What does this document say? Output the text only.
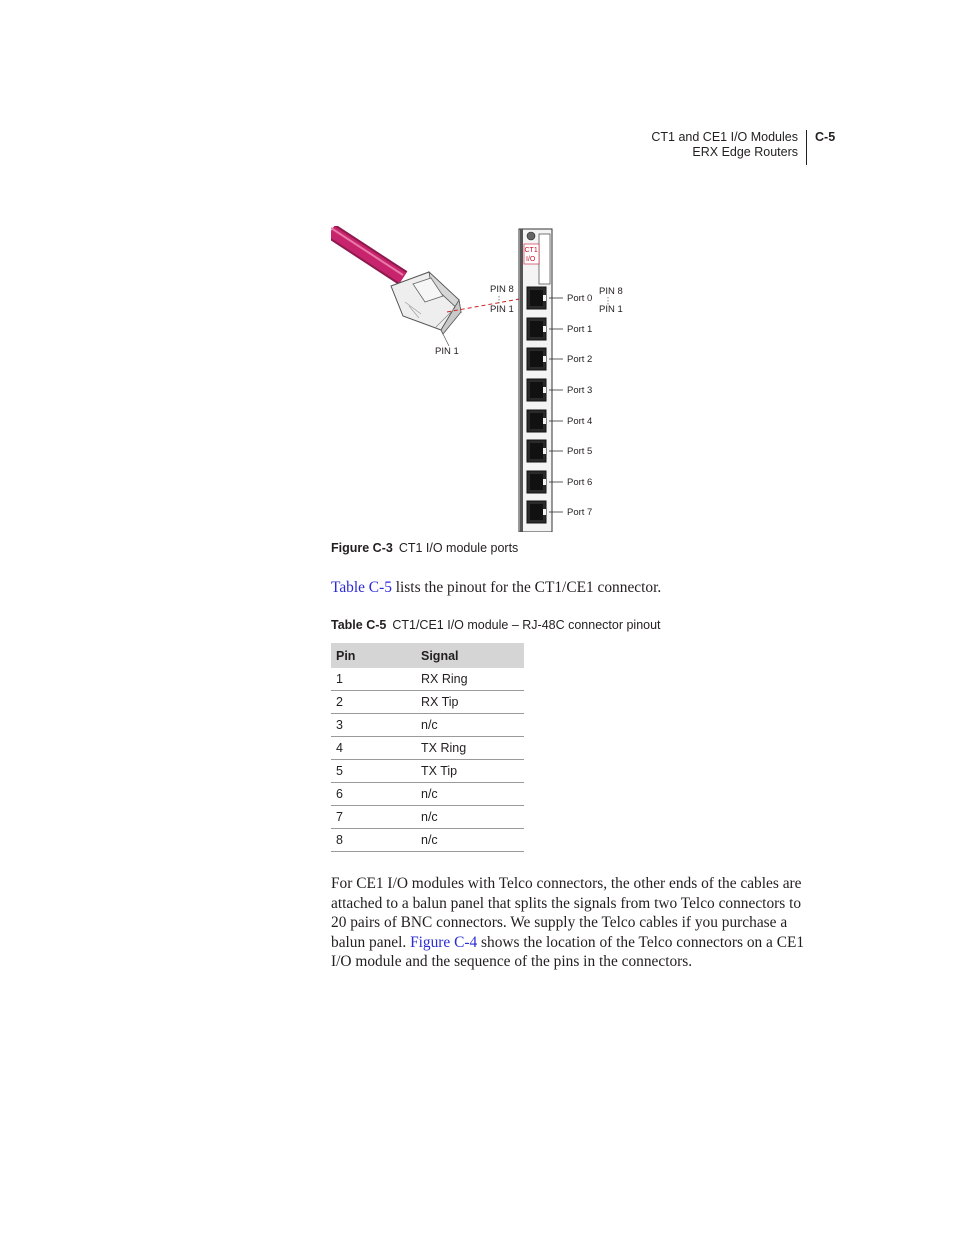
CT1 and CE1 I/O Modules
ERX Edge Routers
C-5
PIN 1
CT1
I/O
PIN 8
PIN 1
PIN 8
PIN 1
Port 0
Port 1
Port 2
Port 3
Port 4
Port 5
Port 6
Port 7
Figure C-3 CT1 I/O module ports
Table C-5 lists the pinout for the CT1/CE1 connector.
Table C-5 CT1/CE1 I/O module – RJ-48C connector pinout
Pin	Signal
1	RX Ring
2	RX Tip
3	n/c
4	TX Ring
5	TX Tip
6	n/c
7	n/c
8	n/c
For CE1 I/O modules with Telco connectors, the other ends of the cables are attached to a balun panel that splits the signals from two Telco connectors to 20 pairs of BNC connectors. We supply the Telco cables if you purchase a balun panel. Figure C-4 shows the location of the Telco connectors on a CE1 I/O module and the sequence of the pins in the connectors.
